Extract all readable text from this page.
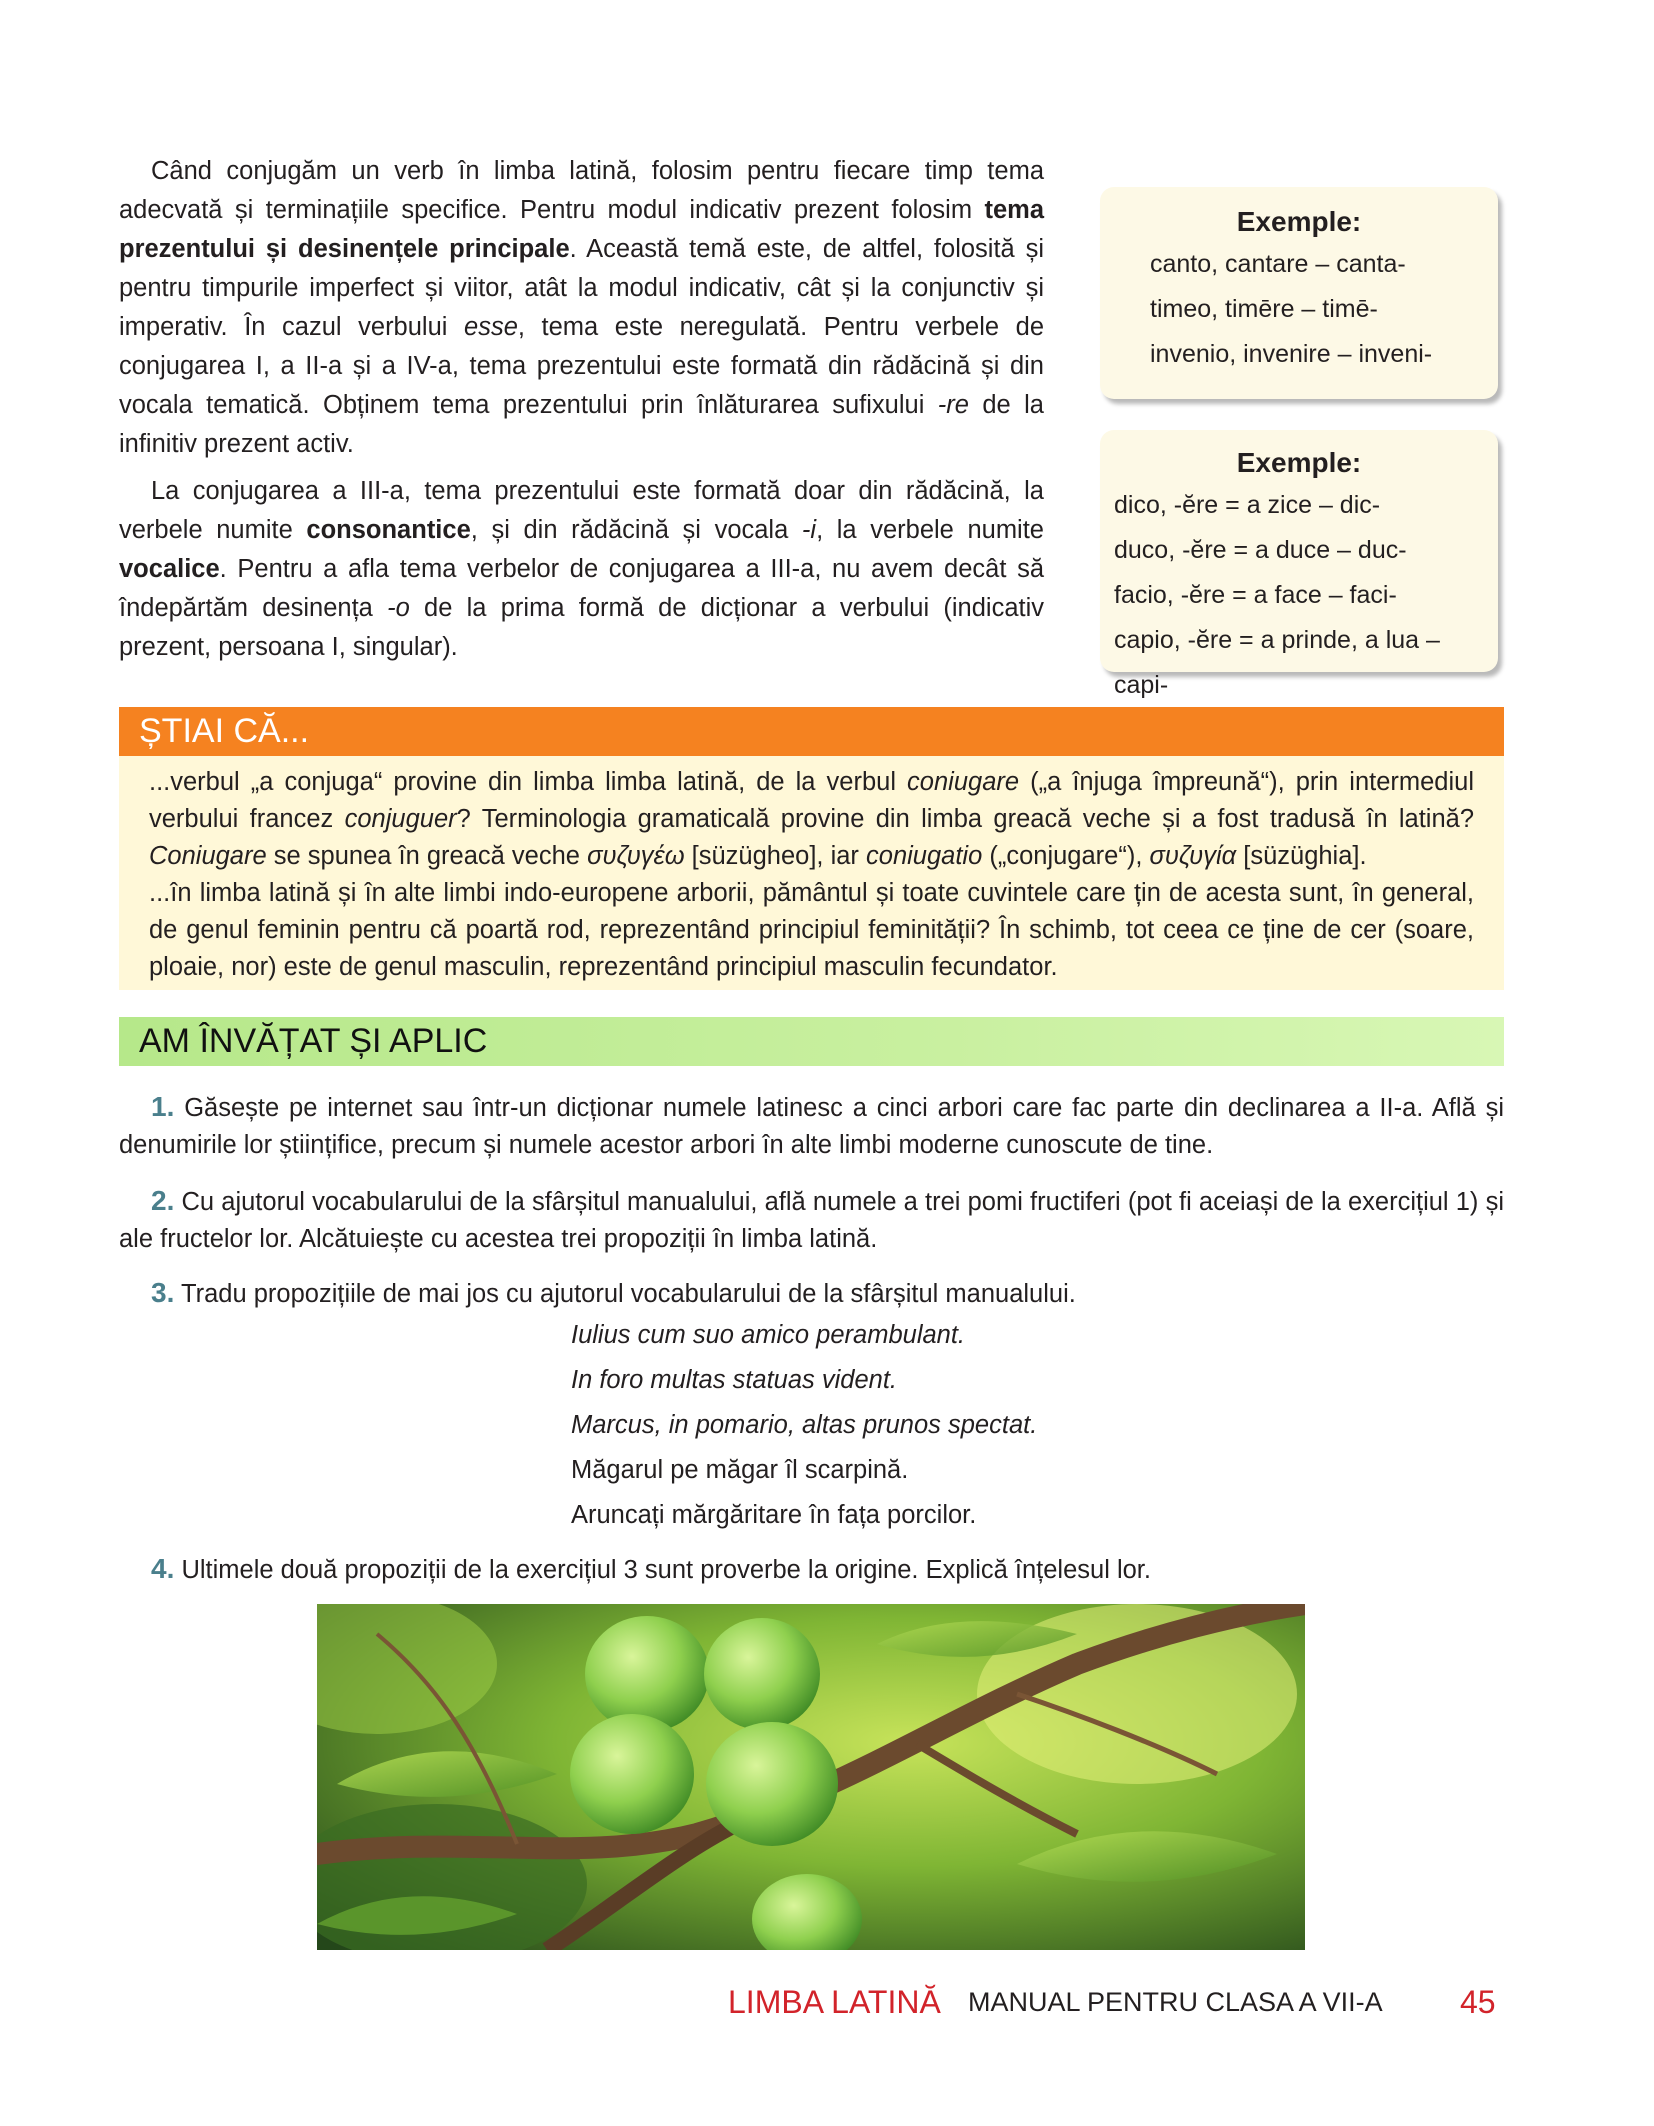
Când conjugăm un verb în limba latină, folosim pentru fiecare timp tema adecvată și terminațiile specifice. Pentru modul indicativ prezent folosim tema prezentului și desinențele principale. Această temă este, de altfel, folosită și pentru timpurile imperfect și viitor, atât la modul indicativ, cât și la conjunctiv și imperativ. În cazul verbului esse, tema este neregulată. Pentru verbele de conjugarea I, a II-a și a IV-a, tema prezentului este formată din rădăcină și din vocala tematică. Obținem tema prezentului prin înlăturarea sufixului -re de la infinitiv prezent activ.
La conjugarea a III-a, tema prezentului este formată doar din rădăcină, la verbele numite consonantice, și din rădăcină și vocala -i, la verbele numite vocalice. Pentru a afla tema verbelor de conjugarea a III-a, nu avem decât să îndepărtăm desinența -o de la prima formă de dicționar a verbului (indicativ prezent, persoana I, singular).
Exemple:
canto, cantare – canta-
timeo, timēre – timē-
invenio, invenire – inveni-
Exemple:
dico, -ĕre = a zice – dic-
duco, -ĕre = a duce – duc-
facio, -ĕre = a face – faci-
capio, -ĕre = a prinde, a lua – capi-
ȘTIAI CĂ...

...verbul „a conjuga“ provine din limba limba latină, de la verbul coniugare („a înjuga împreună“), prin intermediul verbului francez conjuguer? Terminologia gramaticală provine din limba greacă veche și a fost tradusă în latină? Coniugare se spunea în greacă veche συζυγέω [süzügheo], iar coniugatio („conjugare“), συζυγία [süzüghia].

...în limba latină și în alte limbi indo-europene arborii, pământul și toate cuvintele care țin de acesta sunt, în general, de genul feminin pentru că poartă rod, reprezentând principiul feminității? În schimb, tot ceea ce ține de cer (soare, ploaie, nor) este de genul masculin, reprezentând principiul masculin fecundator.

AM ÎNVĂȚAT ȘI APLIC
1. Găsește pe internet sau într-un dicționar numele latinesc a cinci arbori care fac parte din declinarea a II-a. Află și denumirile lor științifice, precum și numele acestor arbori în alte limbi moderne cunoscute de tine.
2. Cu ajutorul vocabularului de la sfârșitul manualului, află numele a trei pomi fructiferi (pot fi aceiași de la exercițiul 1) și ale fructelor lor. Alcătuiește cu acestea trei propoziții în limba latină.
3. Tradu propozițiile de mai jos cu ajutorul vocabularului de la sfârșitul manualului.
Iulius cum suo amico perambulant.
In foro multas statuas vident.
Marcus, in pomario, altas prunos spectat.
Măgarul pe măgar îl scarpină.
Aruncați mărgăritare în fața porcilor.
4. Ultimele două propoziții de la exercițiul 3 sunt proverbe la origine. Explică înțelesul lor.
LIMBA LATINĂ MANUAL PENTRU CLASA A VII-A 45
